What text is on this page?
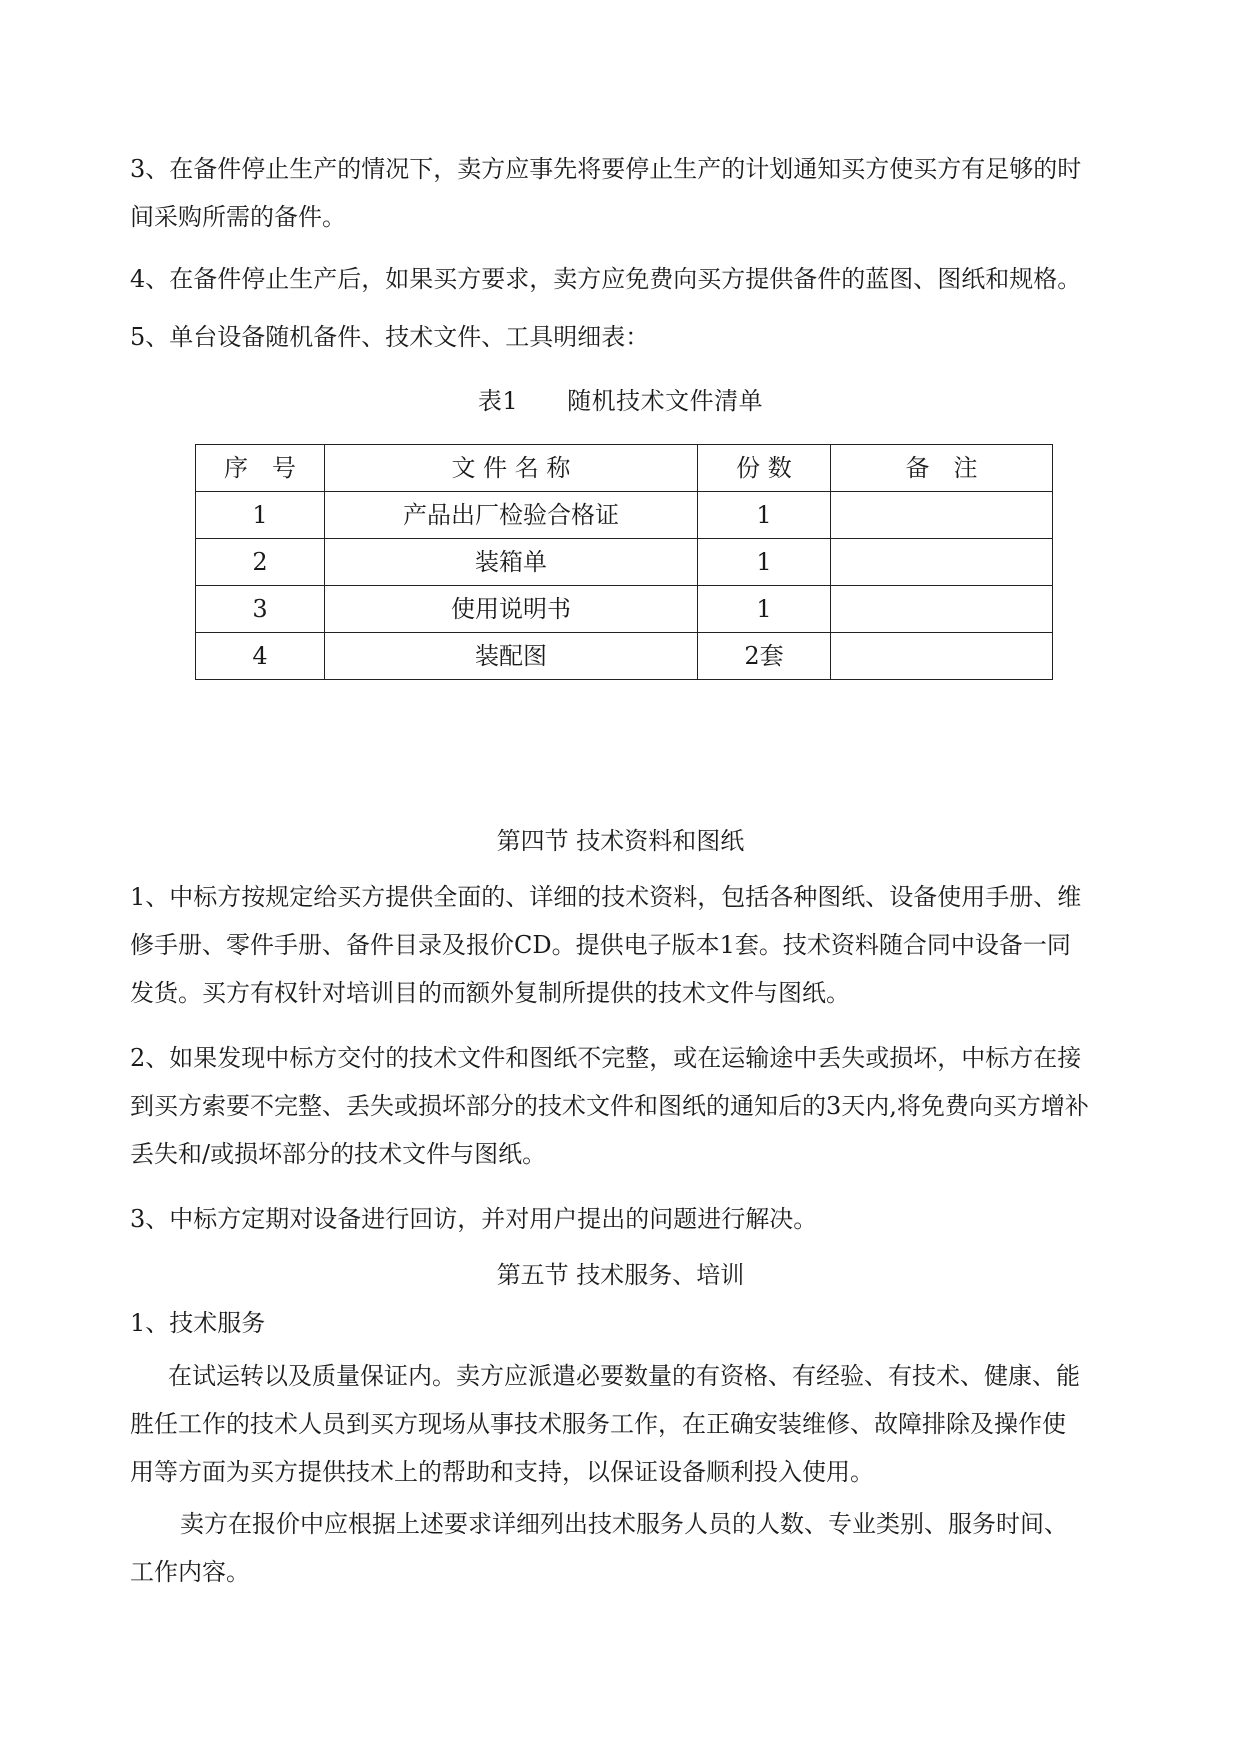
3、在备件停止生产的情况下，卖方应事先将要停止生产的计划通知买方使买方有足够的时
间采购所需的备件。
4、在备件停止生产后，如果买方要求，卖方应免费向买方提供备件的蓝图、图纸和规格。
5、单台设备随机备件、技术文件、工具明细表：
表1　　随机技术文件清单
序　号	文 件 名 称	份 数	备　注
1	产品出厂检验合格证	1	
2	装箱单	1	
3	使用说明书	1	
4	装配图	2套	
第四节 技术资料和图纸
1、中标方按规定给买方提供全面的、详细的技术资料，包括各种图纸、设备使用手册、维
修手册、零件手册、备件目录及报价CD。提供电子版本1套。技术资料随合同中设备一同
发货。买方有权针对培训目的而额外复制所提供的技术文件与图纸。
2、如果发现中标方交付的技术文件和图纸不完整，或在运输途中丢失或损坏，中标方在接
到买方索要不完整、丢失或损坏部分的技术文件和图纸的通知后的3天内,将免费向买方增补
丢失和/或损坏部分的技术文件与图纸。
3、中标方定期对设备进行回访，并对用户提出的问题进行解决。
第五节 技术服务、培训
1、技术服务
在试运转以及质量保证内。卖方应派遣必要数量的有资格、有经验、有技术、健康、能
胜任工作的技术人员到买方现场从事技术服务工作，在正确安装维修、故障排除及操作使
用等方面为买方提供技术上的帮助和支持，以保证设备顺利投入使用。
卖方在报价中应根据上述要求详细列出技术服务人员的人数、专业类别、服务时间、
工作内容。
